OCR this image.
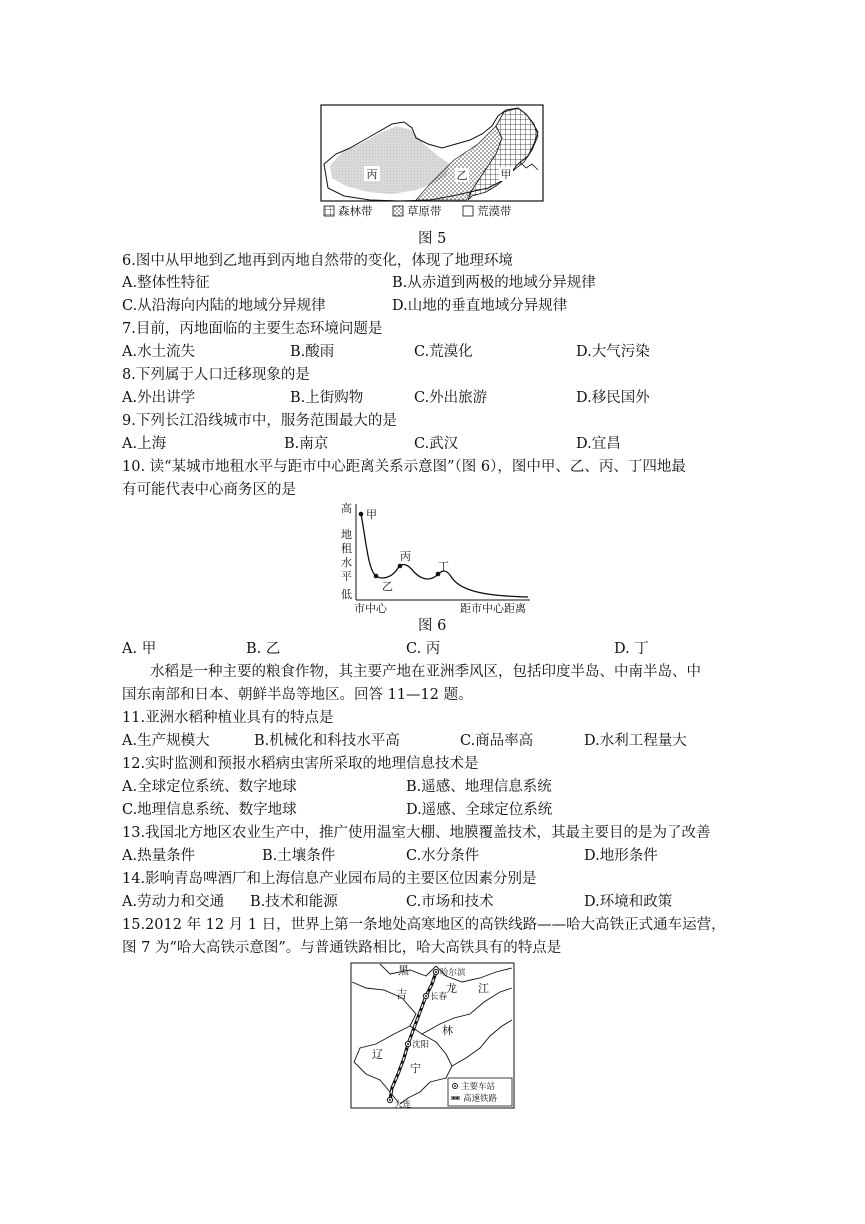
丙	乙	甲
森林带	草原带	荒漠带
图 5
6.图中从甲地到乙地再到丙地自然带的变化，体现了地理环境
A.整体性特征	B.从赤道到两极的地域分异规律
C.从沿海向内陆的地域分异规律	D.山地的垂直地域分异规律
7.目前，丙地面临的主要生态环境问题是
A.水土流失	B.酸雨	C.荒漠化	D.大气污染
8.下列属于人口迁移现象的是
A.外出讲学	B.上街购物	C.外出旅游	D.移民国外
9.下列长江沿线城市中，服务范围最大的是
A.上海	B.南京	C.武汉	D.宜昌
10. 读“某城市地租水平与距市中心距离关系示意图”（图 6），图中甲、乙、丙、丁四地最
有可能代表中心商务区的是
高
地
租
水
平
低
甲
乙
丙
丁
市中心	距市中心距离
图 6
A. 甲	B. 乙	C. 丙	D. 丁
水稻是一种主要的粮食作物，其主要产地在亚洲季风区，包括印度半岛、中南半岛、中
国东南部和日本、朝鲜半岛等地区。回答 11—12 题。
11.亚洲水稻种植业具有的特点是
A.生产规模大	B.机械化和科技水平高	C.商品率高	D.水利工程量大
12.实时监测和预报水稻病虫害所采取的地理信息技术是
A.全球定位系统、数字地球	B.遥感、地理信息系统
C.地理信息系统、数字地球	D.遥感、全球定位系统
13.我国北方地区农业生产中，推广使用温室大棚、地膜覆盖技术，其最主要目的是为了改善
A.热量条件	B.土壤条件	C.水分条件	D.地形条件
14.影响青岛啤酒厂和上海信息产业园布局的主要区位因素分别是
A.劳动力和交通 B.技术和能源	C.市场和技术	D.环境和政策
15.2012 年 12 月 1 日，世界上第一条地处高寒地区的高铁线路——哈大高铁正式通车运营，
图 7 为“哈大高铁示意图”。与普通铁路相比，哈大高铁具有的特点是
哈尔滨
长春
沈阳
大连
黑
龙 江
吉
林
辽
宁
主要车站
高速铁路
